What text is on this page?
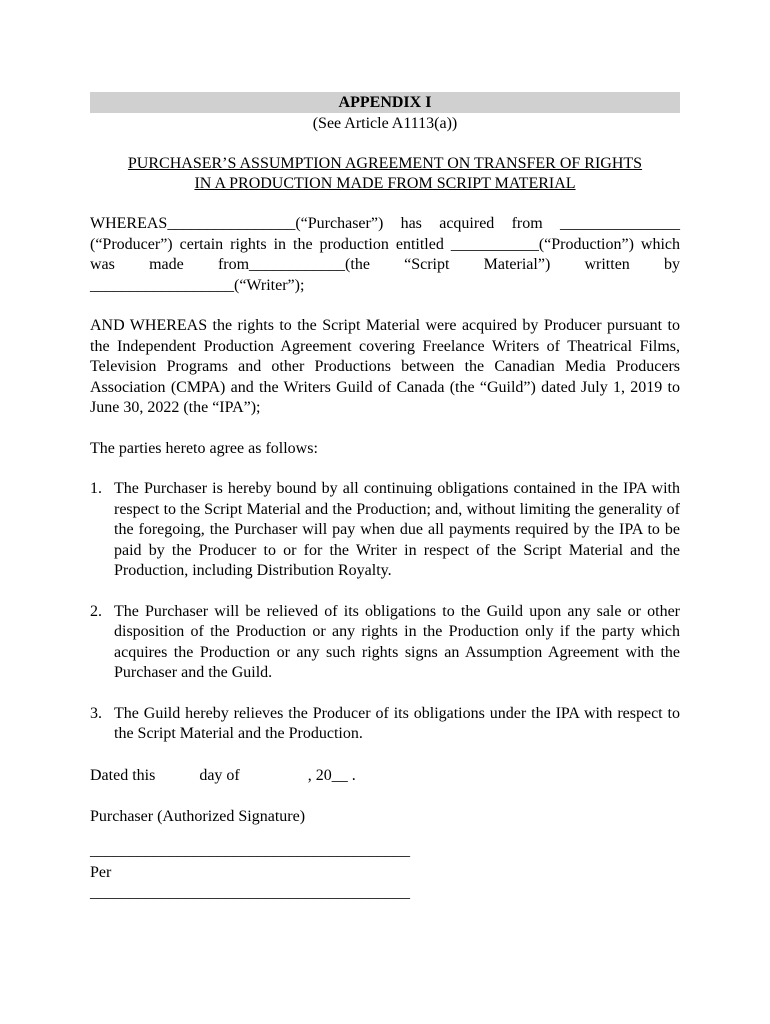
APPENDIX I
(See Article A1113(a))
PURCHASER’S ASSUMPTION AGREEMENT ON TRANSFER OF RIGHTS
IN A PRODUCTION MADE FROM SCRIPT MATERIAL
WHEREAS________________(“Purchaser”) has acquired from _______________ (“Producer”) certain rights in the production entitled ___________(“Production”) which was made from____________(the “Script Material”) written by __________________(“Writer”);
AND WHEREAS the rights to the Script Material were acquired by Producer pursuant to the Independent Production Agreement covering Freelance Writers of Theatrical Films, Television Programs and other Productions between the Canadian Media Producers Association (CMPA) and the Writers Guild of Canada (the “Guild”) dated July 1, 2019 to June 30, 2022 (the “IPA”);
The parties hereto agree as follows:
1. The Purchaser is hereby bound by all continuing obligations contained in the IPA with respect to the Script Material and the Production; and, without limiting the generality of the foregoing, the Purchaser will pay when due all payments required by the IPA to be paid by the Producer to or for the Writer in respect of the Script Material and the Production, including Distribution Royalty.
2. The Purchaser will be relieved of its obligations to the Guild upon any sale or other disposition of the Production or any rights in the Production only if the party which acquires the Production or any such rights signs an Assumption Agreement with the Purchaser and the Guild.
3. The Guild hereby relieves the Producer of its obligations under the IPA with respect to the Script Material and the Production.
Dated this           day of                 , 20__ .
Purchaser (Authorized Signature)
________________________________________
Per
________________________________________
